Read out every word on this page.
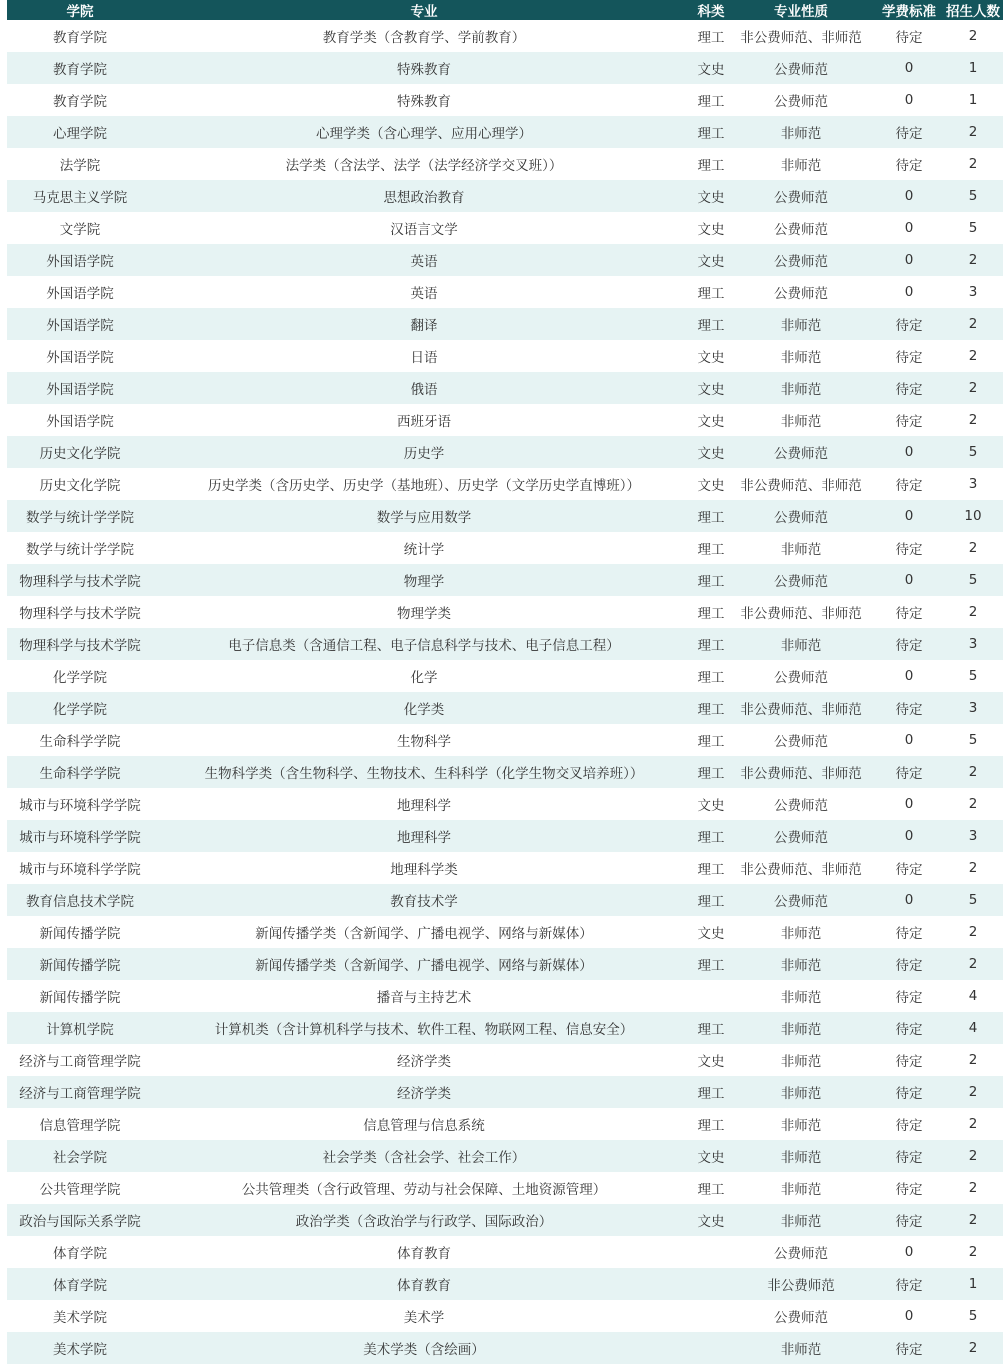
	学院	专业	科类	专业性质	学费标准	招生人数
	教育学院	教育学类（含教育学、学前教育）	理工	非公费师范、非师范	待定	2
	教育学院	特殊教育	文史	公费师范	0	1
	教育学院	特殊教育	理工	公费师范	0	1
	心理学院	心理学类（含心理学、应用心理学）	理工	非师范	待定	2
	法学院	法学类（含法学、法学（法学经济学交叉班））	理工	非师范	待定	2
	马克思主义学院	思想政治教育	文史	公费师范	0	5
	文学院	汉语言文学	文史	公费师范	0	5
	外国语学院	英语	文史	公费师范	0	2
	外国语学院	英语	理工	公费师范	0	3
	外国语学院	翻译	理工	非师范	待定	2
	外国语学院	日语	文史	非师范	待定	2
	外国语学院	俄语	文史	非师范	待定	2
	外国语学院	西班牙语	文史	非师范	待定	2
	历史文化学院	历史学	文史	公费师范	0	5
	历史文化学院	历史学类（含历史学、历史学（基地班）、历史学（文学历史学直博班））	文史	非公费师范、非师范	待定	3
	数学与统计学学院	数学与应用数学	理工	公费师范	0	10
	数学与统计学学院	统计学	理工	非师范	待定	2
	物理科学与技术学院	物理学	理工	公费师范	0	5
	物理科学与技术学院	物理学类	理工	非公费师范、非师范	待定	2
	物理科学与技术学院	电子信息类（含通信工程、电子信息科学与技术、电子信息工程）	理工	非师范	待定	3
	化学学院	化学	理工	公费师范	0	5
	化学学院	化学类	理工	非公费师范、非师范	待定	3
	生命科学学院	生物科学	理工	公费师范	0	5
	生命科学学院	生物科学类（含生物科学、生物技术、生科科学（化学生物交叉培养班））	理工	非公费师范、非师范	待定	2
	城市与环境科学学院	地理科学	文史	公费师范	0	2
	城市与环境科学学院	地理科学	理工	公费师范	0	3
	城市与环境科学学院	地理科学类	理工	非公费师范、非师范	待定	2
	教育信息技术学院	教育技术学	理工	公费师范	0	5
	新闻传播学院	新闻传播学类（含新闻学、广播电视学、网络与新媒体）	文史	非师范	待定	2
	新闻传播学院	新闻传播学类（含新闻学、广播电视学、网络与新媒体）	理工	非师范	待定	2
	新闻传播学院	播音与主持艺术		非师范	待定	4
	计算机学院	计算机类（含计算机科学与技术、软件工程、物联网工程、信息安全）	理工	非师范	待定	4
	经济与工商管理学院	经济学类	文史	非师范	待定	2
	经济与工商管理学院	经济学类	理工	非师范	待定	2
	信息管理学院	信息管理与信息系统	理工	非师范	待定	2
	社会学院	社会学类（含社会学、社会工作）	文史	非师范	待定	2
	公共管理学院	公共管理类（含行政管理、劳动与社会保障、土地资源管理）	理工	非师范	待定	2
	政治与国际关系学院	政治学类（含政治学与行政学、国际政治）	文史	非师范	待定	2
	体育学院	体育教育		公费师范	0	2
	体育学院	体育教育		非公费师范	待定	1
	美术学院	美术学		公费师范	0	5
	美术学院	美术学类（含绘画）		非师范	待定	2
